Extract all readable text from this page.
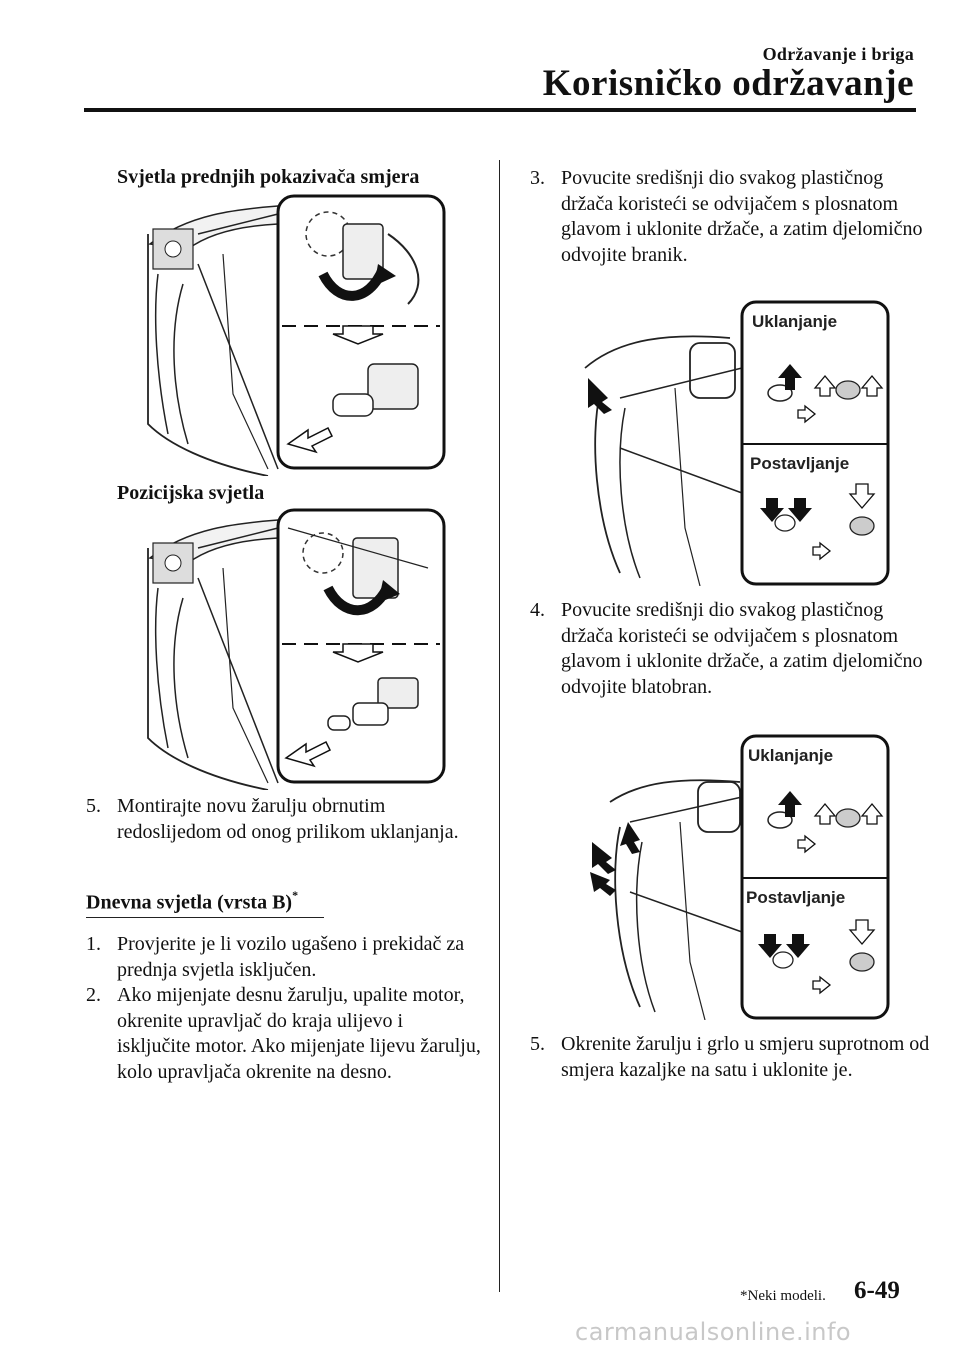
Održavanje i briga
Korisničko održavanje
Svjetla prednjih pokazivača smjera
Pozicijska svjetla
5. Montirajte novu žarulju obrnutim redoslijedom od onog prilikom uklanjanja.
Dnevna svjetla (vrsta B)*
1. Provjerite je li vozilo ugašeno i prekidač za prednja svjetla isključen.
2. Ako mijenjate desnu žarulju, upalite motor, okrenite upravljač do kraja ulijevo i isključite motor. Ako mijenjate lijevu žarulju, kolo upravljača okrenite na desno.
3. Povucite središnji dio svakog plastičnog držača koristeći se odvijačem s plosnatom glavom i uklonite držače, a zatim djelomično odvojite branik.
Uklanjanje
Postavljanje
4. Povucite središnji dio svakog plastičnog držača koristeći se odvijačem s plosnatom glavom i uklonite držače, a zatim djelomično odvojite blatobran.
Uklanjanje
Postavljanje
5. Okrenite žarulju i grlo u smjeru suprotnom od smjera kazaljke na satu i uklonite je.
*Neki modeli. 6-49
carmanualsonline.info
